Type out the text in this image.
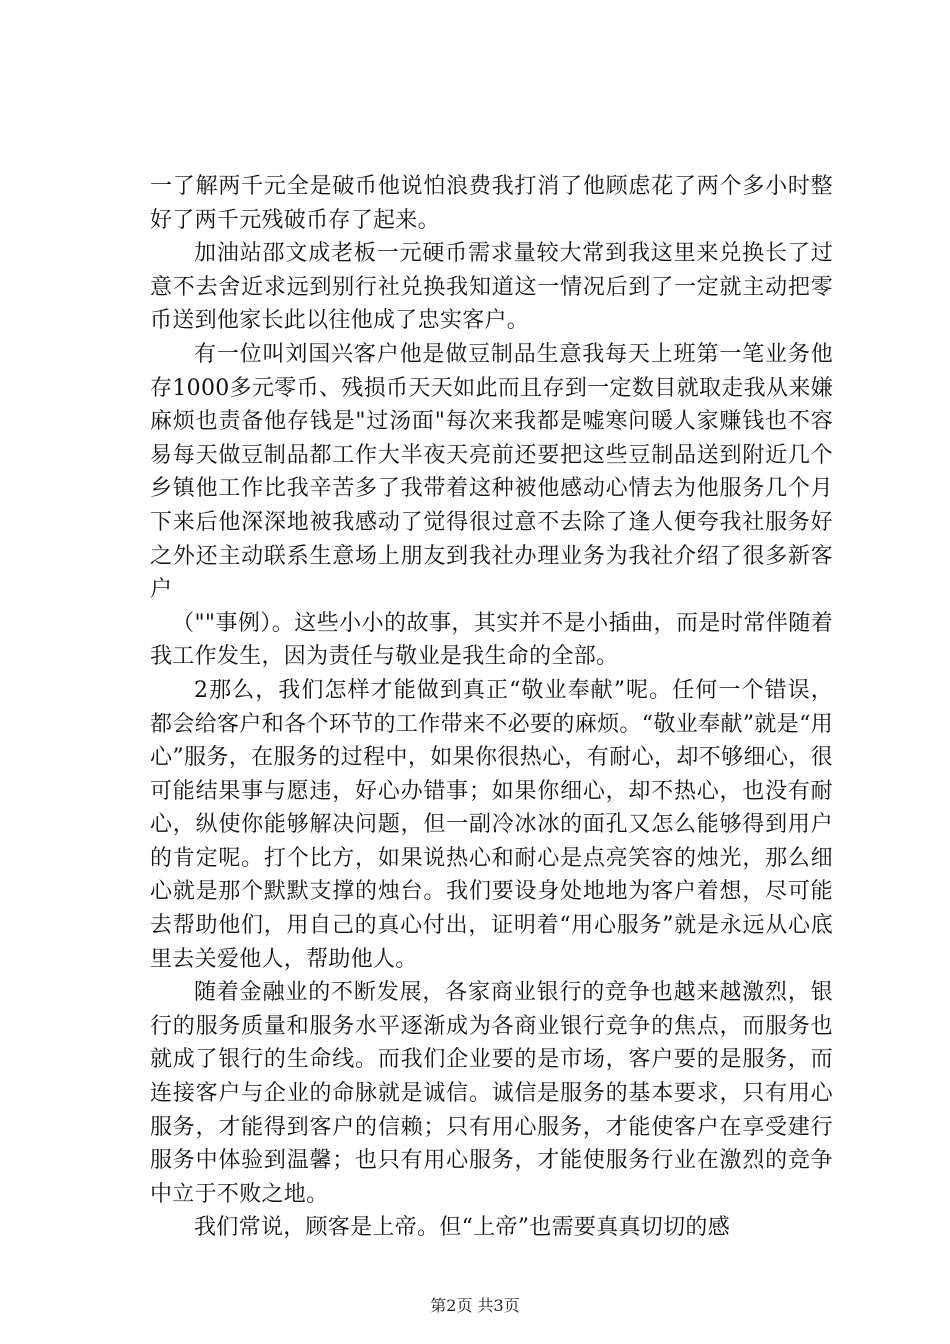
一了解两千元全是破币他说怕浪费我打消了他顾虑花了两个多小时整好了两千元残破币存了起来。

加油站邵文成老板一元硬币需求量较大常到我这里来兑换长了过意不去舍近求远到别行社兑换我知道这一情况后到了一定就主动把零币送到他家长此以往他成了忠实客户。

有一位叫刘国兴客户他是做豆制品生意我每天上班第一笔业务他存1000多元零币、残损币天天如此而且存到一定数目就取走我从来嫌麻烦也责备他存钱是"过汤面"每次来我都是嘘寒问暖人家赚钱也不容易每天做豆制品都工作大半夜天亮前还要把这些豆制品送到附近几个乡镇他工作比我辛苦多了我带着这种被他感动心情去为他服务几个月下来后他深深地被我感动了觉得很过意不去除了逢人便夸我社服务好之外还主动联系生意场上朋友到我社办理业务为我社介绍了很多新客户

（""事例）。这些小小的故事，其实并不是小插曲，而是时常伴随着我工作发生，因为责任与敬业是我生命的全部。

2那么，我们怎样才能做到真正“敬业奉献”呢。任何一个错误，都会给客户和各个环节的工作带来不必要的麻烦。“敬业奉献”就是“用心”服务，在服务的过程中，如果你很热心，有耐心，却不够细心，很可能结果事与愿违，好心办错事；如果你细心，却不热心，也没有耐心，纵使你能够解决问题，但一副冷冰冰的面孔又怎么能够得到用户的肯定呢。打个比方，如果说热心和耐心是点亮笑容的烛光，那么细心就是那个默默支撑的烛台。我们要设身处地地为客户着想，尽可能去帮助他们，用自己的真心付出，证明着“用心服务”就是永远从心底里去关爱他人，帮助他人。

随着金融业的不断发展，各家商业银行的竞争也越来越激烈，银行的服务质量和服务水平逐渐成为各商业银行竞争的焦点，而服务也就成了银行的生命线。而我们企业要的是市场，客户要的是服务，而连接客户与企业的命脉就是诚信。诚信是服务的基本要求，只有用心服务，才能得到客户的信赖；只有用心服务，才能使客户在享受建行服务中体验到温馨；也只有用心服务，才能使服务行业在激烈的竞争中立于不败之地。

我们常说，顾客是上帝。但“上帝”也需要真真切切的感

第2页 共3页
